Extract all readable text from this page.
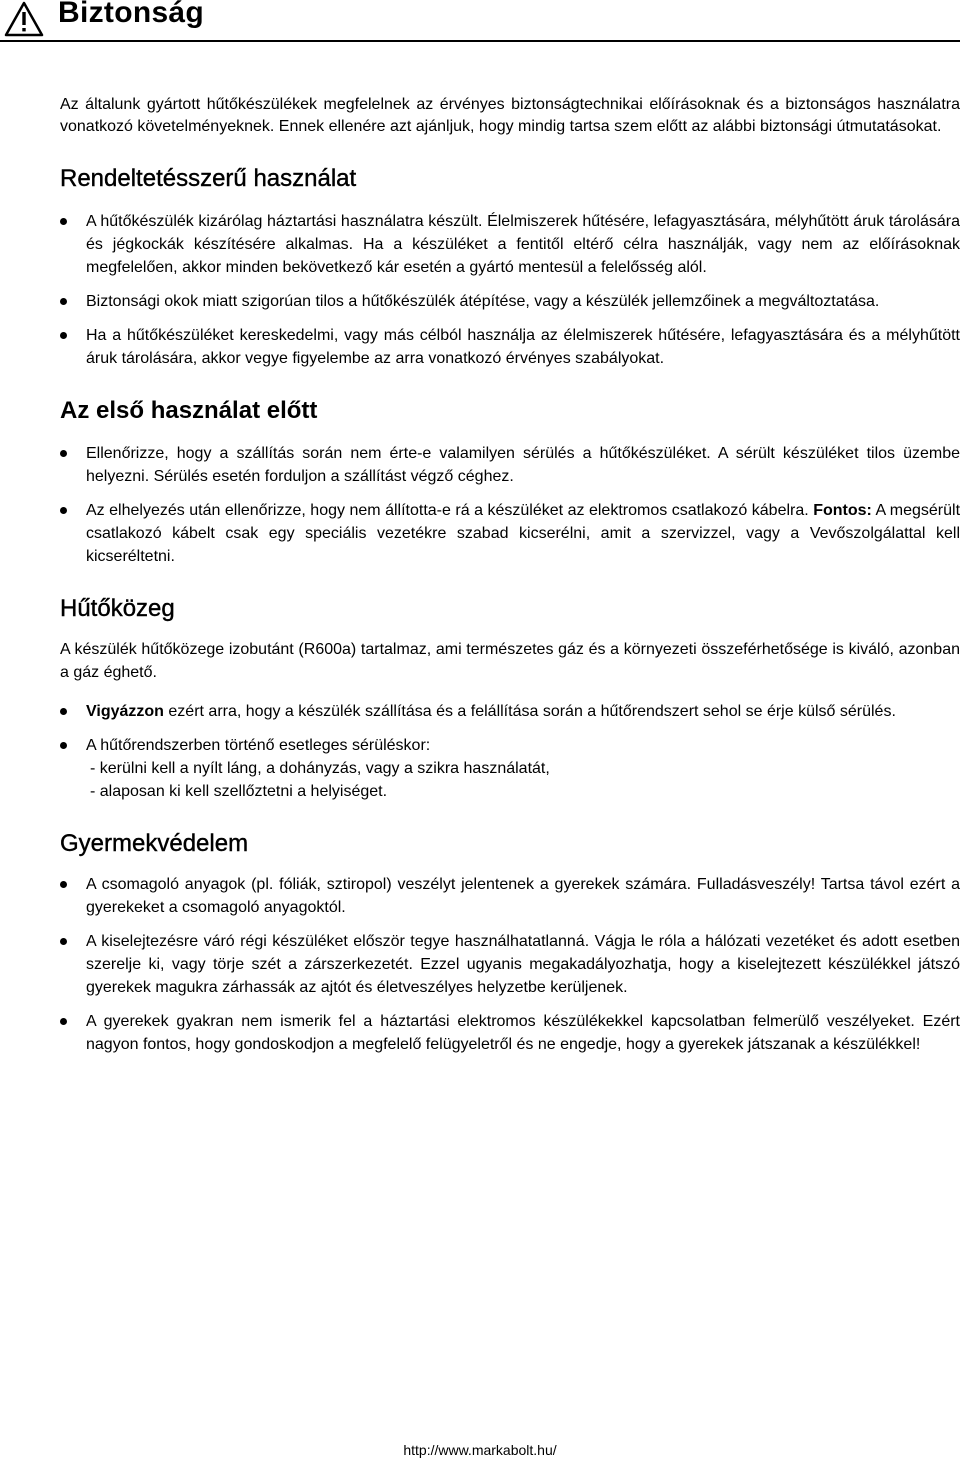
Biztonság

Az általunk gyártott hűtőkészülékek megfelelnek az érvényes biztonságtechnikai előírásoknak és a biztonságos használatra vonatkozó követelményeknek. Ennek ellenére azt ajánljuk, hogy mindig tartsa szem előtt az alábbi biztonsági útmutatásokat.

Rendeltetésszerű használat
A hűtőkészülék kizárólag háztartási használatra készült. Élelmiszerek hűtésére, lefagyasztására, mélyhűtött áruk tárolására és jégkockák készítésére alkalmas. Ha a készüléket a fentitől eltérő célra használják, vagy nem az előírásoknak megfelelően, akkor minden bekövetkező kár esetén a gyártó mentesül a felelősség alól.
Biztonsági okok miatt szigorúan tilos a hűtőkészülék átépítése, vagy a készülék jellemzőinek a megváltoztatása.
Ha a hűtőkészüléket kereskedelmi, vagy más célból használja az élelmiszerek hűtésére, lefagyasztására és a mélyhűtött áruk tárolására, akkor vegye figyelembe az arra vonatkozó érvényes szabályokat.
Az első használat előtt
Ellenőrizze, hogy a szállítás során nem érte-e valamilyen sérülés a hűtőkészüléket. A sérült készüléket tilos üzembe helyezni. Sérülés esetén forduljon a szállítást végző céghez.
Az elhelyezés után ellenőrizze, hogy nem állította-e rá a készüléket az elektromos csatlakozó kábelra. Fontos: A megsérült csatlakozó kábelt csak egy speciális vezetékre szabad kicserélni, amit a szervizzel, vagy a Vevőszolgálattal kell kicseréltetni.
Hűtőközeg

A készülék hűtőközege izobutánt (R600a) tartalmaz, ami természetes gáz és a környezeti összeférhetősége is kiváló, azonban a gáz éghető.

Vigyázzon ezért arra, hogy a készülék szállítása és a felállítása során a hűtőrendszert sehol se érje külső sérülés.
A hűtőrendszerben történő esetleges sérüléskor:
- kerülni kell a nyílt láng, a dohányzás, vagy a szikra használatát,
- alaposan ki kell szellőztetni a helyiséget.
Gyermekvédelem
A csomagoló anyagok (pl. fóliák, sztiropol) veszélyt jelentenek a gyerekek számára. Fulladásveszély! Tartsa távol ezért a gyerekeket a csomagoló anyagoktól.
A kiselejtezésre váró régi készüléket először tegye használhatatlanná. Vágja le róla a hálózati vezetéket és adott esetben szerelje ki, vagy törje szét a zárszerkezetét. Ezzel ugyanis megakadályozhatja, hogy a kiselejtezett készülékkel játszó gyerekek magukra zárhassák az ajtót és életveszélyes helyzetbe kerüljenek.
A gyerekek gyakran nem ismerik fel a háztartási elektromos készülékekkel kapcsolatban felmerülő veszélyeket. Ezért nagyon fontos, hogy gondoskodjon a megfelelő felügyeletről és ne engedje, hogy a gyerekek játszanak a készülékkel!
http://www.markabolt.hu/
